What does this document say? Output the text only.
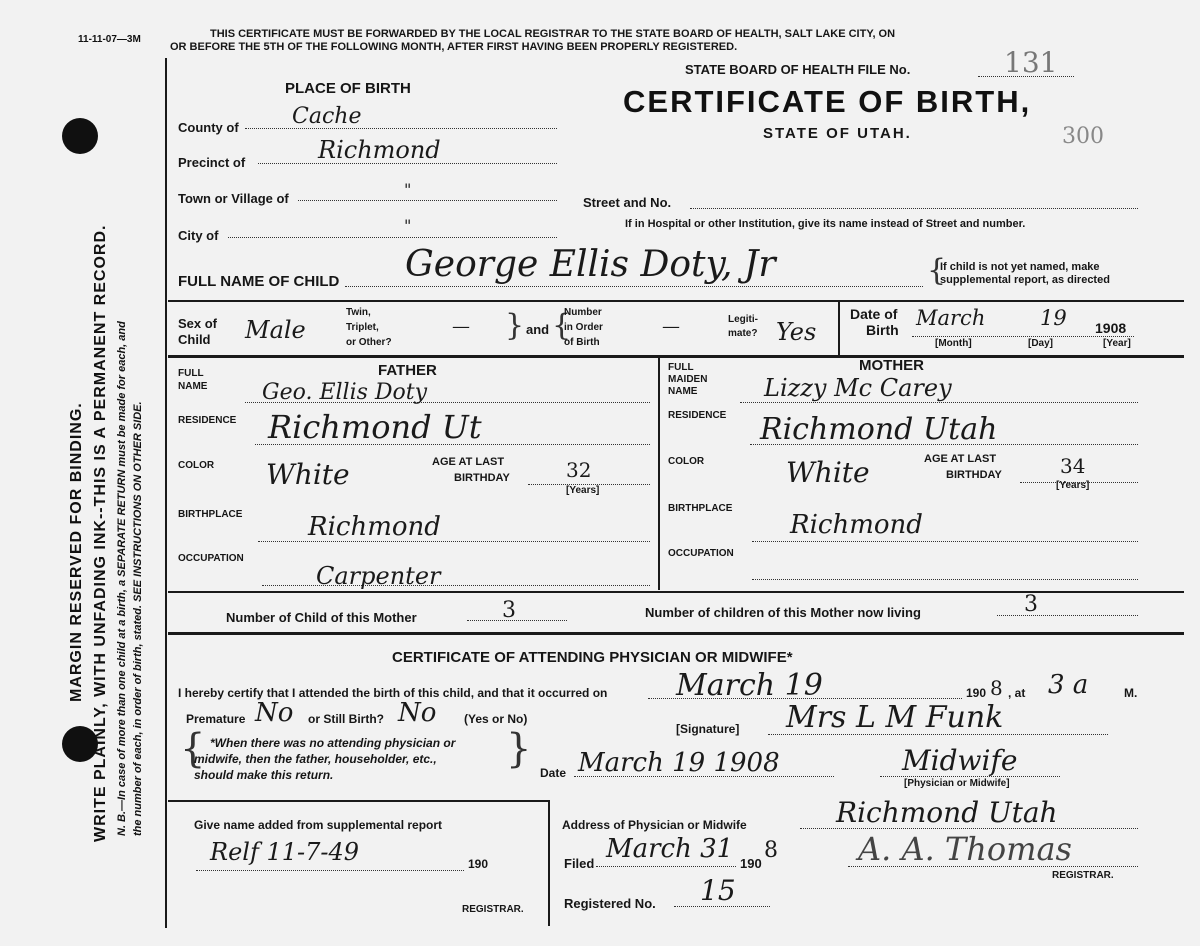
11-11-07—3M
MARGIN RESERVED FOR BINDING. WRITE PLAINLY, WITH UNFADING INK--THIS IS A PERMANENT RECORD. N. B.—In case of more than one child at a birth, a SEPARATE RETURN must be made for each, and the number of each, in order of birth, stated. SEE INSTRUCTIONS ON OTHER SIDE.
THIS CERTIFICATE MUST BE FORWARDED BY THE LOCAL REGISTRAR TO THE STATE BOARD OF HEALTH, SALT LAKE CITY, ON
OR BEFORE THE 5TH OF THE FOLLOWING MONTH, AFTER FIRST HAVING BEEN PROPERLY REGISTERED.
STATE BOARD OF HEALTH FILE No.	131
CERTIFICATE OF BIRTH,
STATE OF UTAH.	300
PLACE OF BIRTH
County of Cache
Precinct of	Richmond
Town or Village of	"
City of
"
Street and No.
If in Hospital or other Institution, give its name instead of Street and number.
FULL NAME OF CHILD George Ellis Doty, Jr	{
If child is not yet named, make
supplemental report, as directed
Sex of
Child Male
Twin,
Triplet,
or Other?
— } and {
Number
in Order
of Birth
—	Legiti-
mate? Yes
Date of
Birth March	19 1908
[Month]	[Day]	[Year]
FATHER
FULL
NAME Geo. Ellis Doty
RESIDENCE Richmond Ut
COLOR White	AGE AT LAST
BIRTHDAY	32
[Years]
BIRTHPLACE	Richmond
OCCUPATION
Carpenter
MOTHER
FULL
MAIDEN
NAME	Lizzy Mc Carey
RESIDENCE Richmond Utah
COLOR	White	AGE AT LAST
BIRTHDAY	34
[Years]
BIRTHPLACE
Richmond
OCCUPATION
Number of Child of this Mother	3	Number of children of this Mother now living	3
CERTIFICATE OF ATTENDING PHYSICIAN OR MIDWIFE*
I hereby certify that I attended the birth of this child, and that it occurred on March 19	190 8 , at 3 a	M.
Premature No or Still Birth? No (Yes or No)
[Signature] Mrs L M Funk
{ *When there was no attending physician or
midwife, then the father, householder, etc.,
should make this return.
}
Date March 19 1908	Midwife
[Physician or Midwife]
Address of Physician or Midwife	Richmond Utah
Give name added from supplemental report
Relf 11-7-49	190
REGISTRAR.
Filed March 31 190
8	A. A. Thomas
REGISTRAR.
Registered No. 15
